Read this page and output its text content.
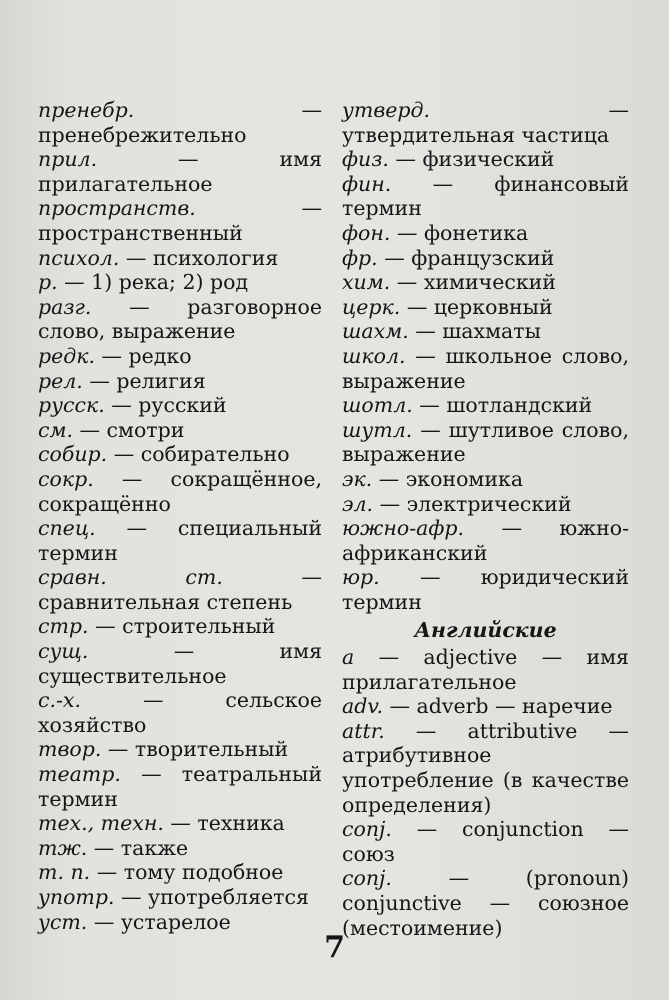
пренебр. — пренебрежительно

прил. — имя прилагательное

пространств. — пространственный

психол. — психология

р. — 1) река; 2) род

разг. — разговорное слово, выражение

редк. — редко

рел. — религия

русск. — русский

см. — смотри

собир. — собирательно

сокр. — сокращённое, сокращённо

спец. — специальный термин

сравн. ст. — сравнительная степень

стр. — строительный

сущ. — имя существительное

с.-х. — сельское хозяйство

твор. — творительный

театр. — театральный термин

тех., техн. — техника

тж. — также

т. п. — тому подобное

употр. — употребляется

уст. — устарелое

утверд. — утвердительная частица

физ. — физический

фин. — финансовый термин

фон. — фонетика

фр. — французский

хим. — химический

церк. — церковный

шахм. — шахматы

школ. — школьное слово, выражение

шотл. — шотландский

шутл. — шутливое слово, выражение

эк. — экономика

эл. — электрический

южно-афр. — южно-африканский

юр. — юридический термин

Английские

a — adjective — имя прилагательное

adv. — adverb — наречие

attr. — attributive — атрибутивное употребление (в качестве определения)

conj. — conjunction — союз

conj. — (pronoun) conjunctive — союзное (местоимение)

7
